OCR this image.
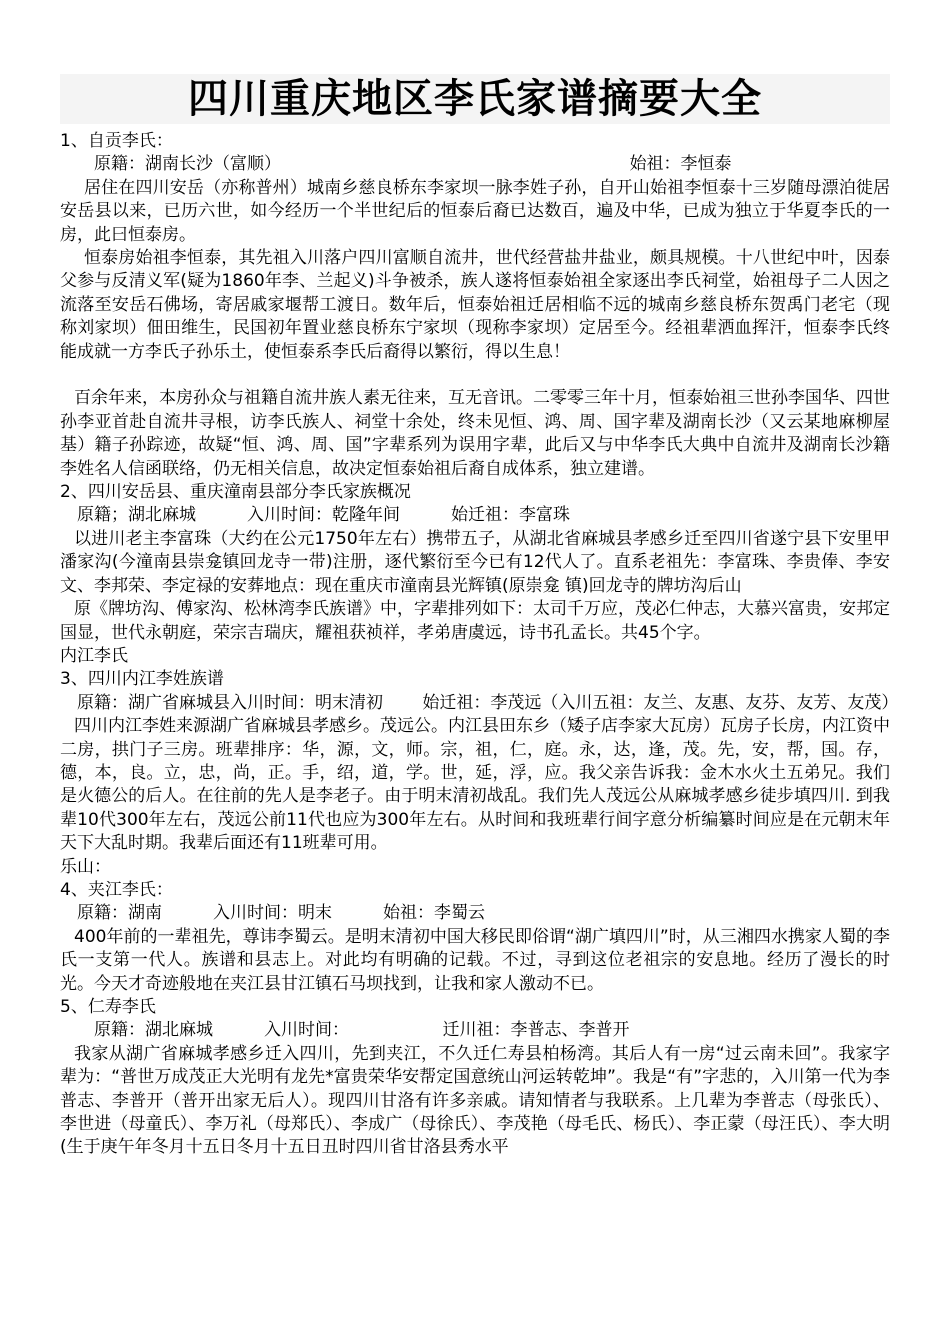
四川重庆地区李氏家谱摘要大全

1、自贡李氏：

　　原籍：湖南长沙（富顺）　　　　　　　　　　　　　　　　　　　　　始祖：李恒泰

居住在四川安岳（亦称普州）城南乡慈良桥东李家坝一脉李姓子孙，自开山始祖李恒泰十三岁随母漂泊徙居安岳县以来，已历六世，如今经历一个半世纪后的恒泰后裔已达数百，遍及中华，已成为独立于华夏李氏的一房，此曰恒泰房。

恒泰房始祖李恒泰，其先祖入川落户四川富顺自流井，世代经营盐井盐业，颇具规模。十八世纪中叶，因泰父参与反清义军(疑为1860年李、兰起义)斗争被杀，族人遂将恒泰始祖全家逐出李氏祠堂，始祖母子二人因之流落至安岳石佛场，寄居戚家堰帮工渡日。数年后，恒泰始祖迁居相临不远的城南乡慈良桥东贺禹门老宅（现称刘家坝）佃田维生，民国初年置业慈良桥东宁家坝（现称李家坝）定居至今。经祖辈洒血挥汗，恒泰李氏终能成就一方李氏子孙乐土，使恒泰系李氏后裔得以繁衍，得以生息！

百余年来，本房孙众与祖籍自流井族人素无往来，互无音讯。二零零三年十月，恒泰始祖三世孙李国华、四世孙李亚首赴自流井寻根，访李氏族人、祠堂十余处，终未见恒、鸿、周、国字辈及湖南长沙（又云某地麻柳屋基）籍子孙踪迹，故疑“恒、鸿、周、国”字辈系列为误用字辈，此后又与中华李氏大典中自流井及湖南长沙籍李姓名人信函联络，仍无相关信息，故决定恒泰始祖后裔自成体系，独立建谱。

2、四川安岳县、重庆潼南县部分李氏家族概况

　原籍；湖北麻城　　　入川时间：乾隆年间　　　始迁祖：李富珠

以进川老主李富珠（大约在公元1750年左右）携带五子，从湖北省麻城县孝感乡迁至四川省遂宁县下安里甲潘家沟(今潼南县崇龛镇回龙寺一带)注册，逐代繁衍至今已有12代人了。直系老祖先：李富珠、李贵俸、李安文、李邦荣、李定禄的安葬地点：现在重庆市潼南县光辉镇(原崇龛 镇)回龙寺的牌坊沟后山

原《牌坊沟、傅家沟、松林湾李氏族谱》中，字辈排列如下：太司千万应，茂必仁仲志，大慕兴富贵，安邦定国显，世代永朝庭，荣宗吉瑞庆，耀祖获祯祥，孝弟唐虞远，诗书孔孟长。共45个字。

内江李氏

3、四川内江李姓族谱

　原籍：湖广省麻城县入川时间：明末清初　　 始迁祖：李茂远（入川五祖：友兰、友惠、友芬、友芳、友茂）

四川内江李姓来源湖广省麻城县孝感乡。茂远公。内江县田东乡（矮子店李家大瓦房）瓦房子长房，内江资中二房，拱门子三房。班辈排序：华，源，文，师。宗，祖，仁，庭。永，达，逢，茂。先，安，帮，国。存，德，本，良。立，忠，尚，正。手，绍，道，学。世，延，浮，应。我父亲告诉我：金木水火土五弟兄。我们是火德公的后人。在往前的先人是李老子。由于明末清初战乱。我们先人茂远公从麻城孝感乡徒步填四川. 到我辈10代300年左右，茂远公前11代也应为300年左右。从时间和我班辈行间字意分析编纂时间应是在元朝末年天下大乱时期。我辈后面还有11班辈可用。

乐山：

4、夹江李氏：

　原籍：湖南　　　入川时间：明末　　　始祖：李蜀云

400年前的一辈祖先，尊讳李蜀云。是明末清初中国大移民即俗谓“湖广填四川”时，从三湘四水携家人蜀的李氏一支第一代人。族谱和县志上。对此均有明确的记载。不过，寻到这位老祖宗的安息地。经历了漫长的时光。今天才奇迹般地在夹江县甘江镇石马坝找到，让我和家人激动不已。

5、仁寿李氏

　　原籍：湖北麻城　　　入川时间：　　　　　　迁川祖：李普志、李普开

我家从湖广省麻城孝感乡迁入四川，先到夹江，不久迁仁寿县柏杨湾。其后人有一房“过云南未回”。我家字辈为：“普世万成茂正大光明有龙先*富贵荣华安帮定国意统山河运转乾坤”。我是“有”字悲的，入川第一代为李普志、李普开（普开出家无后人）。现四川甘洛有许多亲戚。请知情者与我联系。上几辈为李普志（母张氏）、李世进（母童氏）、李万礼（母郑氏）、李成广（母徐氏）、李茂艳（母毛氏、杨氏）、李正蒙（母汪氏）、李大明(生于庚午年冬月十五日冬月十五日丑时四川省甘洛县秀水平
